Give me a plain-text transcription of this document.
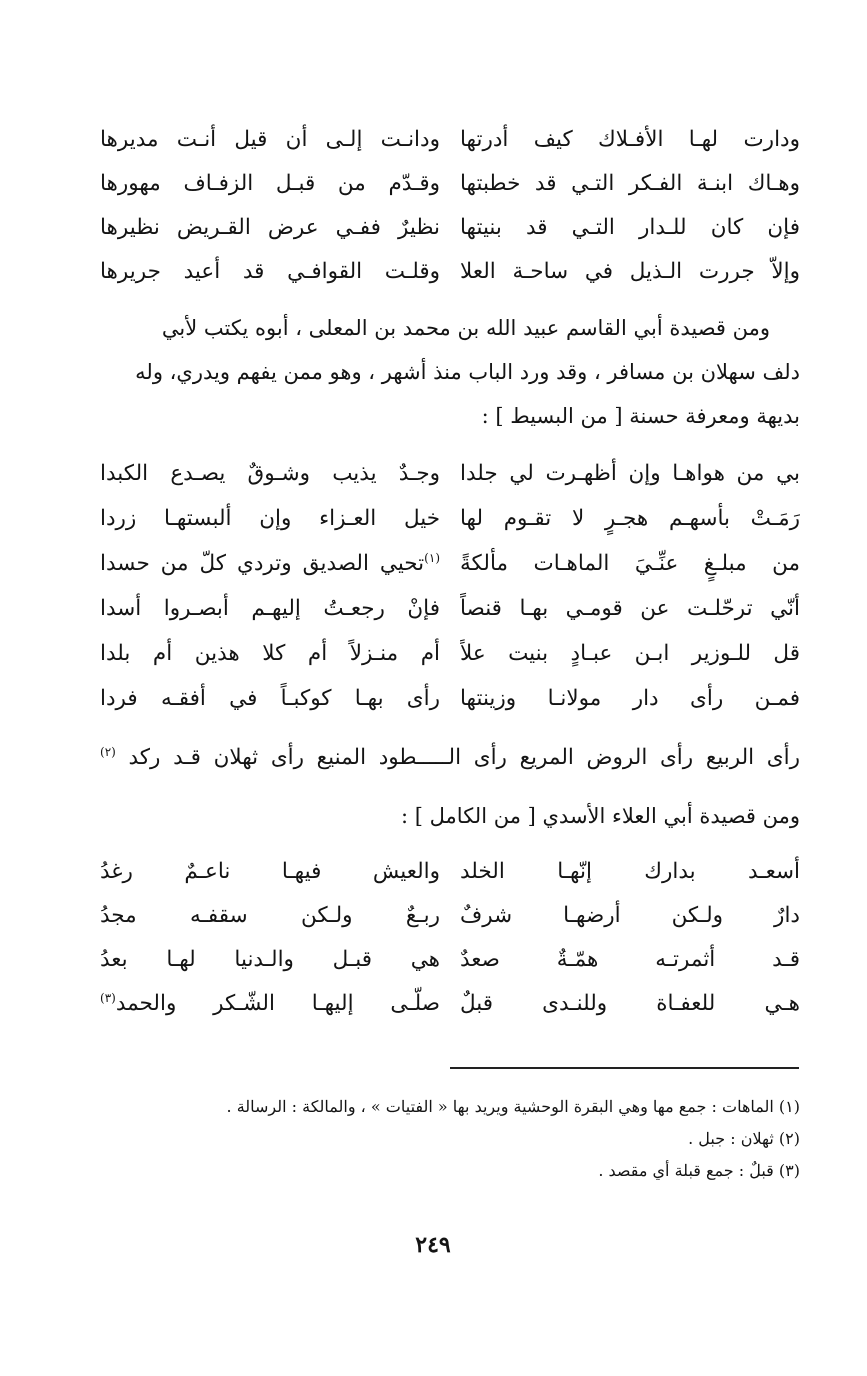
ودارت لهـا الأفـلاك كيف أدرتها
ودانـت إلـى أن قيل أنـت مديرها
وهـاك ابنـة الفـكر التـي قد خطبتها
وقـدّم من قبـل الزفـاف مهورها
فإن كان للـدار التـي قد بنيتها
نظيرٌ ففـي عرض القـريض نظيرها
وإلاّ جررت الـذيل في ساحـة العلا
وقلـت القوافـي قد أعيد جريرها
ومن قصيدة أبي القاسم عبيد الله بن محمد بن المعلى ، أبوه يكتب لأبي
دلف سهلان بن مسافر ، وقد ورد الباب منذ أشهر ، وهو ممن يفهم ويدري، وله
بديهة ومعرفة حسنة [ من البسيط ] :
بي من هواهـا وإن أظهـرت لي جلدا
وجـدٌ يذيب وشـوقٌ يصـدع الكبدا
رَمَـتْ بأسهـم هجـرٍ لا تقـوم لها
خيل العـزاء وإن ألبستهـا زردا
من مبلـغٍ عنِّـيَ الماهـات مألكةً
$^{(١)}$تحيي الصديق وتردي كلّ من حسدا
أنّي ترحّلـت عن قومـي بهـا قنصاً
فإنْ رجعـتُ إليهـم أبصـروا أسدا
قل للـوزير ابـن عبـادٍ بنيت علاً
أم منـزلاً أم كلا هذين أم بلدا
فمـن رأى دار مولانـا وزينتها
رأى بهـا كوكبـاً في أفقـه فردا
رأى الربيع رأى الروض المريع رأى الـــــطود المنيع رأى ثهلان قـد ركد $^{(٢)}$
ومن قصيدة أبي العلاء الأسدي [ من الكامل ] :
أسعـد بدارك إنّهـا الخلد
والعيش فيهـا ناعـمٌ رغدُ
دارٌ ولـكن أرضهـا شرفٌ
ربـعٌ ولـكن سقفـه مجدُ
قـد أثمرتـه همّـةٌ صعدٌ
هي قبـل والـدنيا لهـا بعدُ
هـي للعفـاة وللنـدى قبلٌ
صلّـى إليهـا الشّـكر والحمد$^{(٣)}$
(١) الماهات : جمع مها وهي البقرة الوحشية ويريد بها « الفتيات » ، والمالكة : الرسالة .
(٢) ثهلان : جبل .
(٣) قبلٌ : جمع قبلة أي مقصد .
٢٤٩
